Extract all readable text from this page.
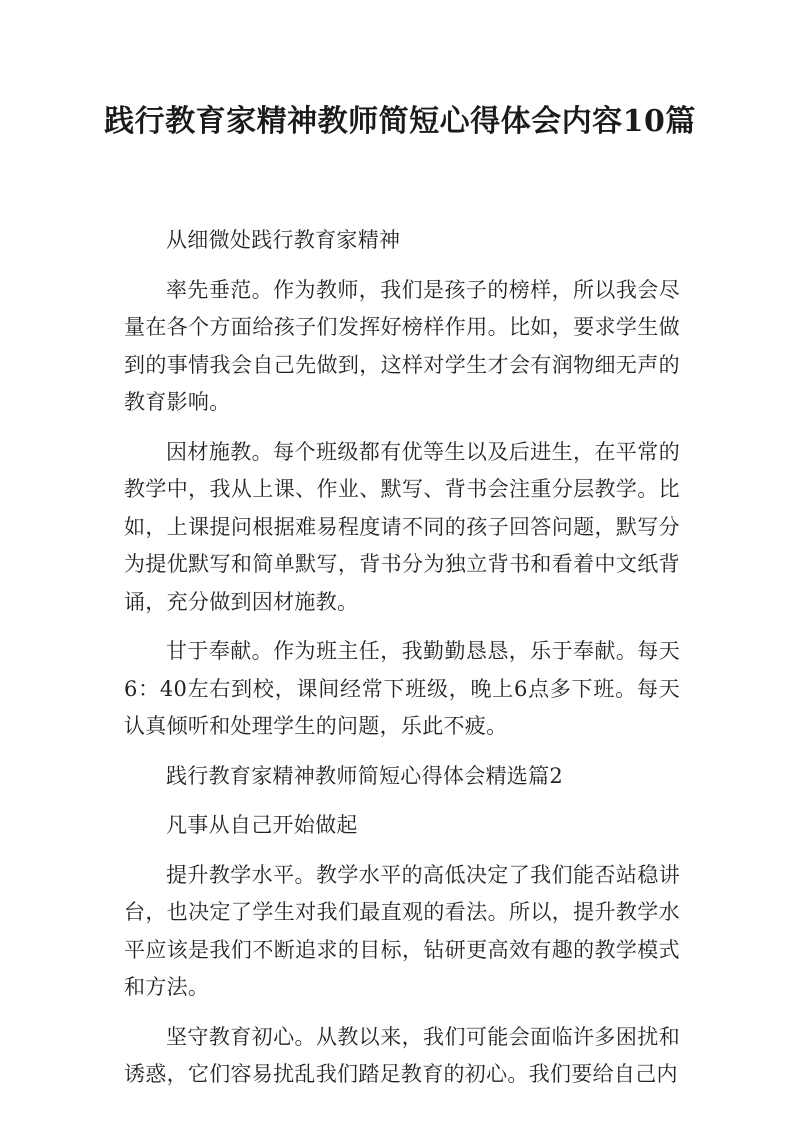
践行教育家精神教师简短心得体会内容10篇

从细微处践行教育家精神

率先垂范。作为教师，我们是孩子的榜样，所以我会尽量在各个方面给孩子们发挥好榜样作用。比如，要求学生做到的事情我会自己先做到，这样对学生才会有润物细无声的教育影响。

因材施教。每个班级都有优等生以及后进生，在平常的教学中，我从上课、作业、默写、背书会注重分层教学。比如，上课提问根据难易程度请不同的孩子回答问题，默写分为提优默写和简单默写，背书分为独立背书和看着中文纸背诵，充分做到因材施教。

甘于奉献。作为班主任，我勤勤恳恳，乐于奉献。每天6：40左右到校，课间经常下班级，晚上6点多下班。每天认真倾听和处理学生的问题，乐此不疲。

践行教育家精神教师简短心得体会精选篇2

凡事从自己开始做起

提升教学水平。教学水平的高低决定了我们能否站稳讲台，也决定了学生对我们最直观的看法。所以，提升教学水平应该是我们不断追求的目标，钻研更高效有趣的教学模式和方法。

坚守教育初心。从教以来，我们可能会面临许多困扰和诱惑，它们容易扰乱我们踏足教育的初心。我们要给自己内
